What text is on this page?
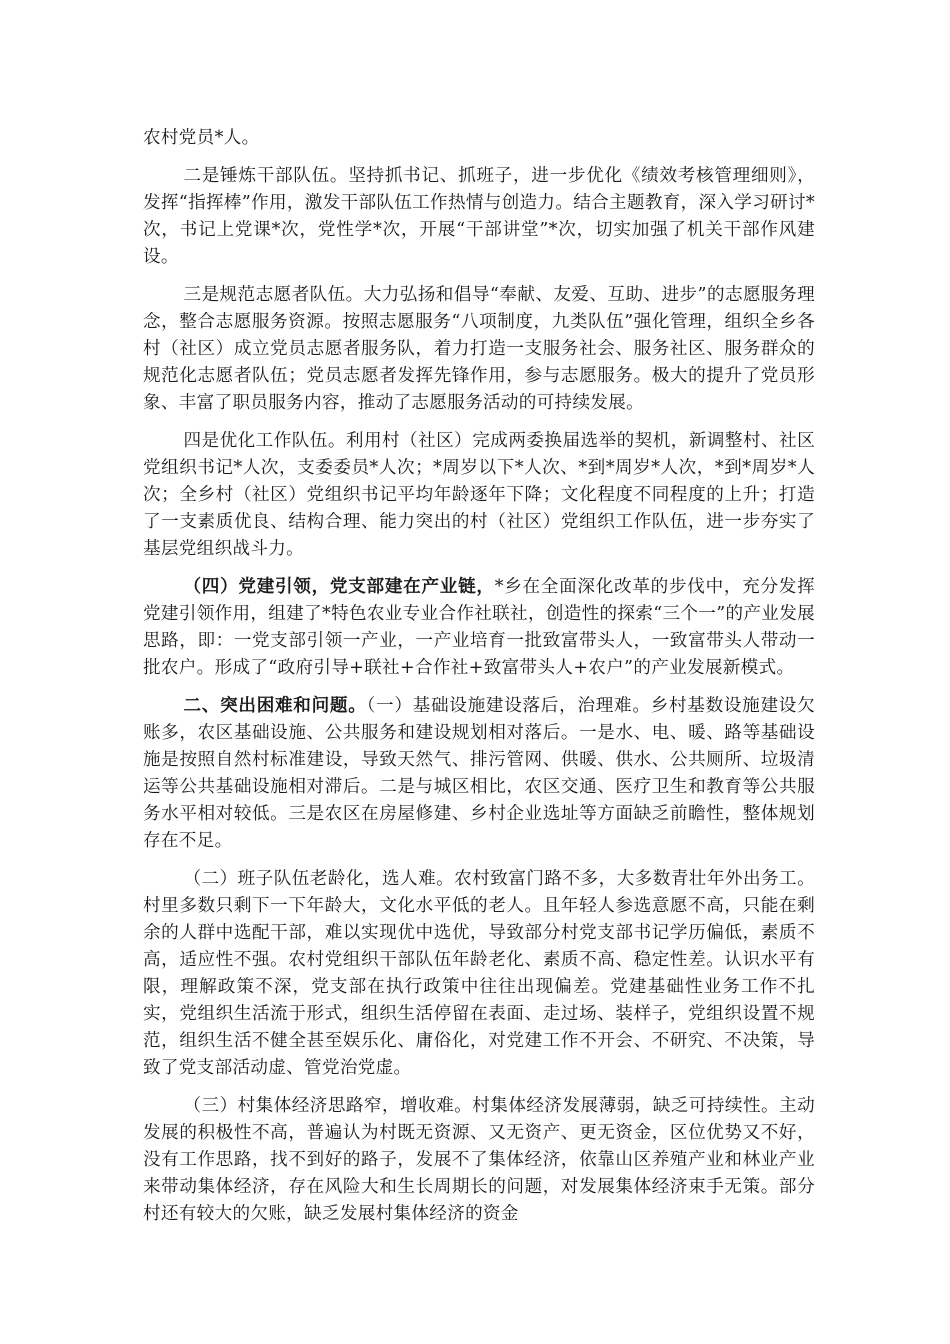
农村党员*人。

二是锤炼干部队伍。坚持抓书记、抓班子，进一步优化《绩效考核管理细则》，发挥“指挥棒”作用，激发干部队伍工作热情与创造力。结合主题教育，深入学习研讨*次，书记上党课*次，党性学*次，开展“干部讲堂”*次，切实加强了机关干部作风建设。

三是规范志愿者队伍。大力弘扬和倡导“奉献、友爱、互助、进步”的志愿服务理念，整合志愿服务资源。按照志愿服务“八项制度，九类队伍”强化管理，组织全乡各村（社区）成立党员志愿者服务队，着力打造一支服务社会、服务社区、服务群众的规范化志愿者队伍；党员志愿者发挥先锋作用，参与志愿服务。极大的提升了党员形象、丰富了职员服务内容，推动了志愿服务活动的可持续发展。

四是优化工作队伍。利用村（社区）完成两委换届选举的契机，新调整村、社区党组织书记*人次，支委委员*人次；*周岁以下*人次、*到*周岁*人次，*到*周岁*人次；全乡村（社区）党组织书记平均年龄逐年下降；文化程度不同程度的上升；打造了一支素质优良、结构合理、能力突出的村（社区）党组织工作队伍，进一步夯实了基层党组织战斗力。

（四）党建引领，党支部建在产业链，*乡在全面深化改革的步伐中，充分发挥党建引领作用，组建了*特色农业专业合作社联社，创造性的探索“三个一”的产业发展思路，即：一党支部引领一产业，一产业培育一批致富带头人，一致富带头人带动一批农户。形成了“政府引导+联社+合作社+致富带头人+农户”的产业发展新模式。

二、突出困难和问题。（一）基础设施建设落后，治理难。乡村基数设施建设欠账多，农区基础设施、公共服务和建设规划相对落后。一是水、电、暖、路等基础设施是按照自然村标准建设，导致天然气、排污管网、供暖、供水、公共厕所、垃圾清运等公共基础设施相对滞后。二是与城区相比，农区交通、医疗卫生和教育等公共服务水平相对较低。三是农区在房屋修建、乡村企业选址等方面缺乏前瞻性，整体规划存在不足。

（二）班子队伍老龄化，选人难。农村致富门路不多，大多数青壮年外出务工。村里多数只剩下一下年龄大，文化水平低的老人。且年轻人参选意愿不高，只能在剩余的人群中选配干部，难以实现优中选优，导致部分村党支部书记学历偏低，素质不高，适应性不强。农村党组织干部队伍年龄老化、素质不高、稳定性差。认识水平有限，理解政策不深，党支部在执行政策中往往出现偏差。党建基础性业务工作不扎实，党组织生活流于形式，组织生活停留在表面、走过场、装样子，党组织设置不规范，组织生活不健全甚至娱乐化、庸俗化，对党建工作不开会、不研究、不决策，导致了党支部活动虚、管党治党虚。

（三）村集体经济思路窄，增收难。村集体经济发展薄弱，缺乏可持续性。主动发展的积极性不高，普遍认为村既无资源、又无资产、更无资金，区位优势又不好，没有工作思路，找不到好的路子，发展不了集体经济，依靠山区养殖产业和林业产业来带动集体经济，存在风险大和生长周期长的问题，对发展集体经济束手无策。部分村还有较大的欠账，缺乏发展村集体经济的资金
